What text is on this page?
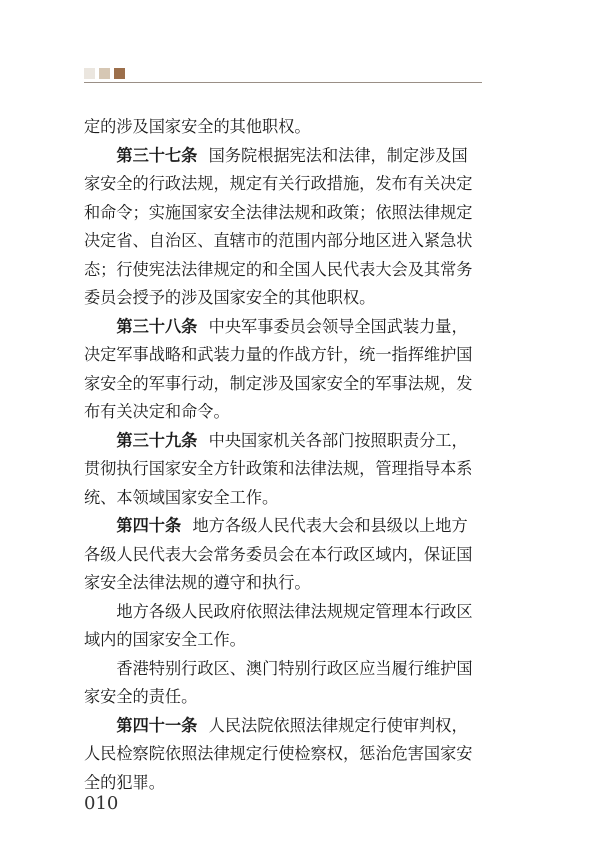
定的涉及国家安全的其他职权。

第三十七条 国务院根据宪法和法律，制定涉及国家安全的行政法规，规定有关行政措施，发布有关决定和命令；实施国家安全法律法规和政策；依照法律规定决定省、自治区、直辖市的范围内部分地区进入紧急状态；行使宪法法律规定的和全国人民代表大会及其常务委员会授予的涉及国家安全的其他职权。

第三十八条 中央军事委员会领导全国武装力量，决定军事战略和武装力量的作战方针，统一指挥维护国家安全的军事行动，制定涉及国家安全的军事法规，发布有关决定和命令。

第三十九条 中央国家机关各部门按照职责分工，贯彻执行国家安全方针政策和法律法规，管理指导本系统、本领域国家安全工作。

第四十条 地方各级人民代表大会和县级以上地方各级人民代表大会常务委员会在本行政区域内，保证国家安全法律法规的遵守和执行。

地方各级人民政府依照法律法规规定管理本行政区域内的国家安全工作。

香港特别行政区、澳门特别行政区应当履行维护国家安全的责任。

第四十一条 人民法院依照法律规定行使审判权，人民检察院依照法律规定行使检察权，惩治危害国家安全的犯罪。

010
